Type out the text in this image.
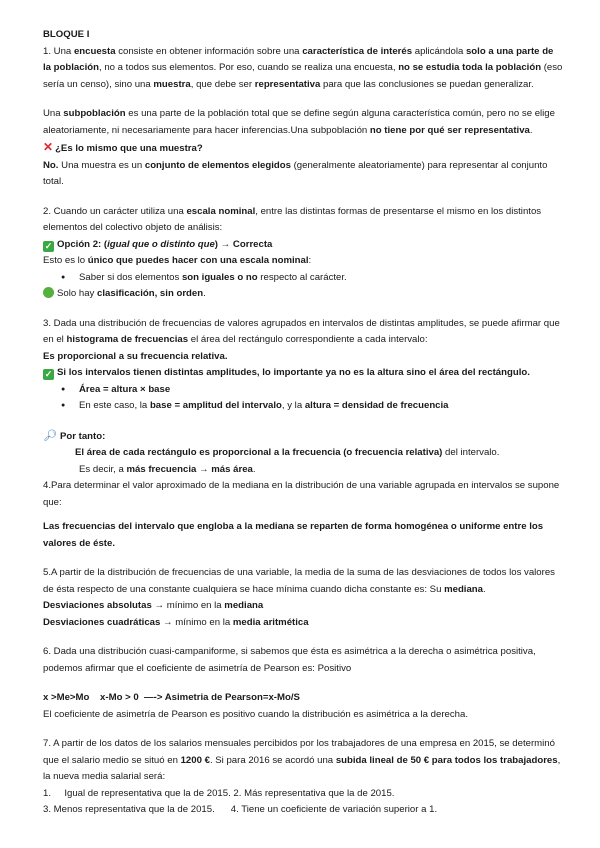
BLOQUE I

1. Una encuesta consiste en obtener información sobre una característica de interés aplicándola solo a una parte de la población, no a todos sus elementos. Por eso, cuando se realiza una encuesta, no se estudia toda la población (eso sería un censo), sino una muestra, que debe ser representativa para que las conclusiones se puedan generalizar.

Una subpoblación es una parte de la población total que se define según alguna característica común, pero no se elige aleatoriamente, ni necesariamente para hacer inferencias.Una subpoblación no tiene por qué ser representativa.

✕ ¿Es lo mismo que una muestra?

No. Una muestra es un conjunto de elementos elegidos (generalmente aleatoriamente) para representar al conjunto total.

2. Cuando un carácter utiliza una escala nominal, entre las distintas formas de presentarse el mismo en los distintos elementos del colectivo objeto de análisis:

✓ Opción 2: (igual que o distinto que) → Correcta

Esto es lo único que puedes hacer con una escala nominal:

● Saber si dos elementos son iguales o no respecto al carácter.

Solo hay clasificación, sin orden.

3. Dada una distribución de frecuencias de valores agrupados en intervalos de distintas amplitudes, se puede afirmar que en el histograma de frecuencias el área del rectángulo correspondiente a cada intervalo:

Es proporcional a su frecuencia relativa.

✓ Si los intervalos tienen distintas amplitudes, lo importante ya no es la altura sino el área del rectángulo.

● Área = altura × base
● En este caso, la base = amplitud del intervalo, y la altura = densidad de frecuencia

🔎︎ Por tanto:

El área de cada rectángulo es proporcional a la frecuencia (o frecuencia relativa) del intervalo.

Es decir, a más frecuencia → más área.

4.Para determinar el valor aproximado de la mediana en la distribución de una variable agrupada en intervalos se supone que:

Las frecuencias del intervalo que engloba a la mediana se reparten de forma homogénea o uniforme entre los valores de éste.

5.A partir de la distribución de frecuencias de una variable, la media de la suma de las desviaciones de todos los valores de ésta respecto de una constante cualquiera se hace mínima cuando dicha constante es: Su mediana.

Desviaciones absolutas → mínimo en la mediana

Desviaciones cuadráticas → mínimo en la media aritmética

6. Dada una distribución cuasi-campaniforme, si sabemos que ésta es asimétrica a la derecha o asimétrica positiva, podemos afirmar que el coeficiente de asimetría de Pearson es: Positivo

x >Me>Mo    x-Mo > 0  —-> Asimetria de Pearson=x-Mo/S

El coeficiente de asimetría de Pearson es positivo cuando la distribución es asimétrica a la derecha.

7. A partir de los datos de los salarios mensuales percibidos por los trabajadores de una empresa en 2015, se determinó que el salario medio se situó en 1200 €. Si para 2016 se acordó una subida lineal de 50 € para todos los trabajadores, la nueva media salarial será:

1.     Igual de representativa que la de 2015. 2. Más representativa que la de 2015.

3. Menos representativa que la de 2015.      4. Tiene un coeficiente de variación superior a 1.
